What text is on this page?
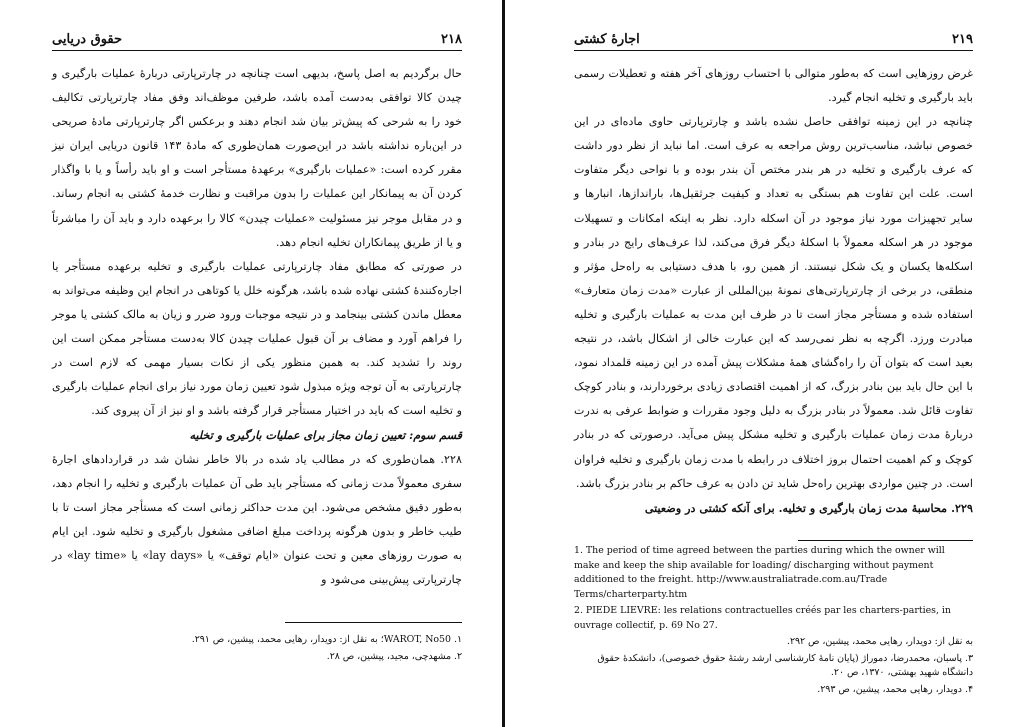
۲۱۸
حقوق دریایی

حال برگردیم به اصل پاسخ، بدیهی است چنانچه در چارترپارتی دربارهٔ عملیات بارگیری و چیدن کالا توافقی به‌دست آمده باشد، طرفین موظف‌اند وفق مفاد چارترپارتی تکالیف خود را به شرحی که پیش‌تر بیان شد انجام دهند و برعکس اگر چارترپارتی مادهٔ صریحی در این‌باره نداشته باشد در این‌صورت همان‌طوری که مادهٔ ۱۴۳ قانون دریایی ایران نیز مقرر کرده است: «عملیات بارگیری» برعهدهٔ مستأجر است و او باید رأساً و یا با واگذار کردن آن به پیمانکار این عملیات را بدون مراقبت و نظارت خدمهٔ کشتی به انجام رساند. و در مقابل موجر نیز مسئولیت «عملیات چیدن» کالا را برعهده دارد و باید آن را مباشرتاً و یا از طریق پیمانکاران تخلیه انجام دهد.

در صورتی که مطابق مفاد چارترپارتی عملیات بارگیری و تخلیه برعهده مستأجر یا اجاره‌کنندهٔ کشتی نهاده شده باشد، هرگونه خلل یا کوتاهی در انجام این وظیفه می‌تواند به معطل ماندن کشتی بینجامد و در نتیجه موجبات ورود ضرر و زیان به مالک کشتی یا موجر را فراهم آورد و مضاف بر آن قبول عملیات چیدن کالا به‌دست مستأجر ممکن است این روند را تشدید کند. به همین منظور یکی از نکات بسیار مهمی که لازم است در چارترپارتی به آن توجه ویژه مبذول شود تعیین زمان مورد نیاز برای انجام عملیات بارگیری و تخلیه است که باید در اختیار مستأجر قرار گرفته باشد و او نیز از آن پیروی کند.

قسم سوم: تعیین زمان مجاز برای عملیات بارگیری و تخلیه

۲۲۸. همان‌طوری که در مطالب یاد شده در بالا خاطر نشان شد در قراردادهای اجارهٔ سفری معمولاً مدت زمانی که مستأجر باید طی آن عملیات بارگیری و تخلیه را انجام دهد، به‌طور دقیق مشخص می‌شود. این مدت حداکثر زمانی است که مستأجر مجاز است تا با طیب خاطر و بدون هرگونه پرداخت مبلغ اضافی مشغول بارگیری و تخلیه شود. این ایام به صورت روزهای معین و تحت عنوان «ایام توقف» یا «lay days» یا «lay time» در چارترپارتی پیش‌بینی می‌شود و

۱. WAROT, No50؛ به نقل از: دویدار، رهایی محمد، پیشین، ص ۲۹۱.

۲. مشهدچی، مجید، پیشین، ص ۲۸.

۲۱۹
اجارهٔ کشتی

غرض روزهایی است که به‌طور متوالی با احتساب روزهای آخر هفته و تعطیلات رسمی باید بارگیری و تخلیه انجام گیرد.

چنانچه در این زمینه توافقی حاصل نشده باشد و چارترپارتی حاوی ماده‌ای در این خصوص نباشد، مناسب‌ترین روش مراجعه به عرف است. اما نباید از نظر دور داشت که عرف بارگیری و تخلیه در هر بندر مختص آن بندر بوده و با نواحی دیگر متفاوت است. علت این تفاوت هم بستگی به تعداد و کیفیت جرثقیل‌ها، بارانداز‌ها، انبارها و سایر تجهیزات مورد نیاز موجود در آن اسکله دارد. نظر به اینکه امکانات و تسهیلات موجود در هر اسکله معمولاً با اسکلهٔ دیگر فرق می‌کند، لذا عرف‌های رایج در بنادر و اسکله‌ها یکسان و یک شکل نیستند. از همین رو، با هدف دستیابی به راه‌حل مؤثر و منطقی، در برخی از چارترپارتی‌های نمونهٔ بین‌المللی از عبارت «مدت زمان متعارف» استفاده شده و مستأجر مجاز است تا در ظرف این مدت به عملیات بارگیری و تخلیه مبادرت ورزد. اگرچه به نظر نمی‌رسد که این عبارت خالی از اشکال باشد، در نتیجه بعید است که بتوان آن را راه‌گشای همهٔ مشکلات پیش آمده در این زمینه قلمداد نمود، با این حال باید بین بنادر بزرگ، که از اهمیت اقتصادی زیادی برخوردارند، و بنادر کوچک تفاوت قائل شد. معمولاً در بنادر بزرگ به دلیل وجود مقررات و ضوابط عرفی به ندرت دربارهٔ مدت زمان عملیات بارگیری و تخلیه مشکل پیش می‌آید. درصورتی که در بنادر کوچک و کم اهمیت احتمال بروز اختلاف در رابطه با مدت زمان بارگیری و تخلیه فراوان است. در چنین مواردی بهترین راه‌حل شاید تن دادن به عرف حاکم بر بنادر بزرگ باشد.

۲۲۹. محاسبهٔ مدت زمان بارگیری و تخلیه. برای آنکه کشتی در وضعیتی

1. The period of time agreed between the parties during which the owner will make and keep the ship available for loading/ discharging without payment additioned to the freight. http://www.australiatrade.com.au/Trade Terms/charterparty.htm

2. PIEDE LIEVRE: les relations contractuelles créés par les charters-parties, in ouvrage collectif, p. 69 No 27.

به نقل از: دویدار، رهایی محمد، پیشین، ص ۲۹۲.

۳. پاسبان، محمدرضا، دموراژ (پایان نامهٔ کارشناسی ارشد رشتهٔ حقوق خصوصی)، دانشکدهٔ حقوق دانشگاه شهید بهشتی، ۱۳۷۰، ص ۲۰.

۴. دویدار، رهایی محمد، پیشین، ص ۲۹۳.
